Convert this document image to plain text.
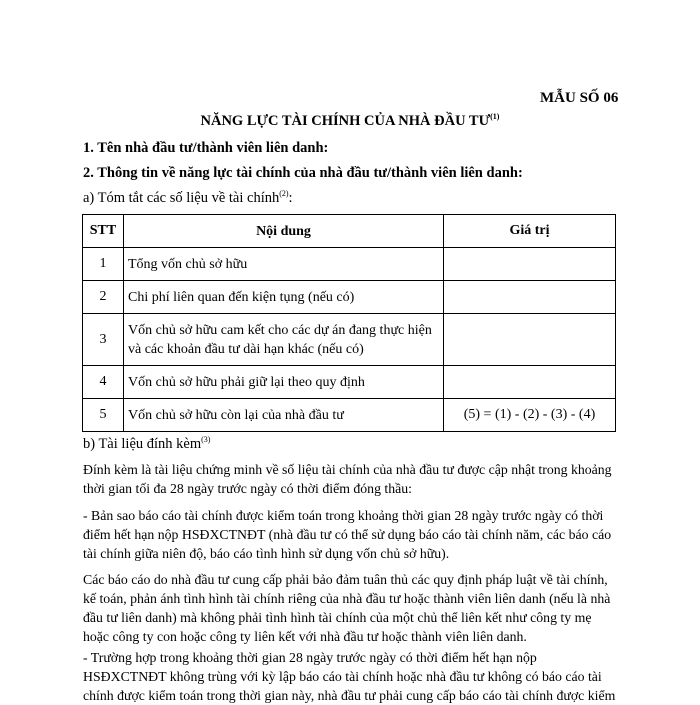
MẪU SỐ 06
NĂNG LỰC TÀI CHÍNH CỦA NHÀ ĐẦU TƯ$^{(1)}$
1. Tên nhà đầu tư/thành viên liên danh:
2. Thông tin về năng lực tài chính của nhà đầu tư/thành viên liên danh:
a) Tóm tắt các số liệu về tài chính$^{(2)}$:
STT	Nội dung	Giá trị
1	Tổng vốn chủ sở hữu	
2	Chi phí liên quan đến kiện tụng (nếu có)	
3	Vốn chủ sở hữu cam kết cho các dự án đang thực hiện và các khoản đầu tư dài hạn khác (nếu có)	
4	Vốn chủ sở hữu phải giữ lại theo quy định	
5	Vốn chủ sở hữu còn lại của nhà đầu tư	(5) = (1) - (2) - (3) - (4)
b) Tài liệu đính kèm$^{(3)}$
Đính kèm là tài liệu chứng minh về số liệu tài chính của nhà đầu tư được cập nhật trong khoảng thời gian tối đa 28 ngày trước ngày có thời điểm đóng thầu:
- Bản sao báo cáo tài chính được kiểm toán trong khoảng thời gian 28 ngày trước ngày có thời điểm hết hạn nộp HSĐXCTNĐT (nhà đầu tư có thể sử dụng báo cáo tài chính năm, các báo cáo tài chính giữa niên độ, báo cáo tình hình sử dụng vốn chủ sở hữu).
Các báo cáo do nhà đầu tư cung cấp phải bảo đảm tuân thủ các quy định pháp luật về tài chính, kế toán, phản ánh tình hình tài chính riêng của nhà đầu tư hoặc thành viên liên danh (nếu là nhà đầu tư liên danh) mà không phải tình hình tài chính của một chủ thể liên kết như công ty mẹ hoặc công ty con hoặc công ty liên kết với nhà đầu tư hoặc thành viên liên danh.
- Trường hợp trong khoảng thời gian 28 ngày trước ngày có thời điểm hết hạn nộp HSĐXCTNĐT không trùng với kỳ lập báo cáo tài chính hoặc nhà đầu tư không có báo cáo tài chính được kiểm toán trong thời gian này, nhà đầu tư phải cung cấp báo cáo tài chính được kiểm
